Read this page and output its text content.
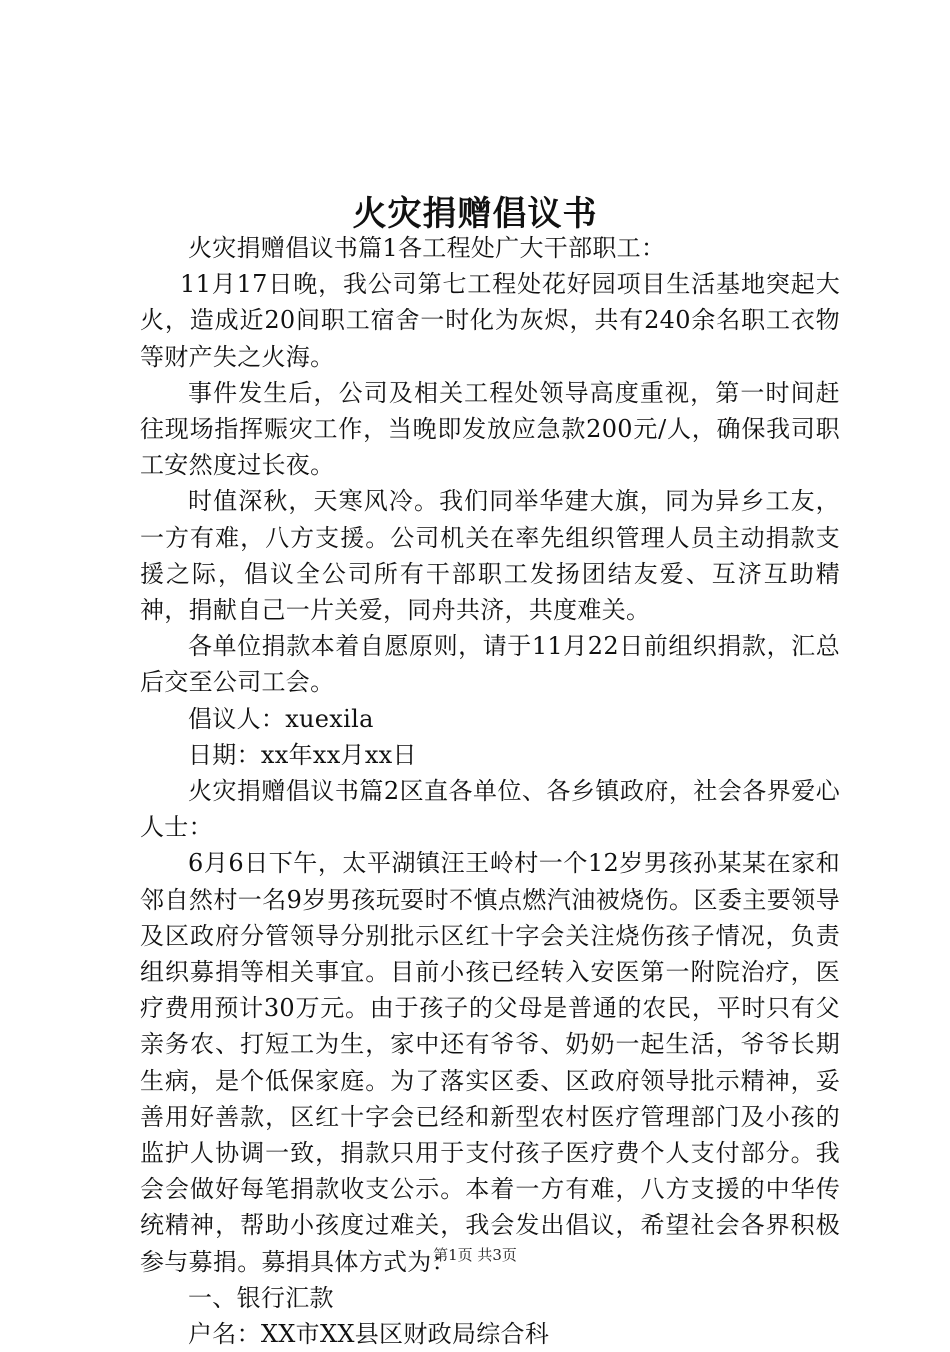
火灾捐赠倡议书

火灾捐赠倡议书篇1各工程处广大干部职工：

11月17日晚，我公司第七工程处花好园项目生活基地突起大火，造成近20间职工宿舍一时化为灰烬，共有240余名职工衣物等财产失之火海。

事件发生后，公司及相关工程处领导高度重视，第一时间赶往现场指挥赈灾工作，当晚即发放应急款200元/人，确保我司职工安然度过长夜。

时值深秋，天寒风冷。我们同举华建大旗，同为异乡工友，一方有难，八方支援。公司机关在率先组织管理人员主动捐款支援之际，倡议全公司所有干部职工发扬团结友爱、互济互助精神，捐献自己一片关爱，同舟共济，共度难关。

各单位捐款本着自愿原则，请于11月22日前组织捐款，汇总后交至公司工会。

倡议人：xuexila

日期：xx年xx月xx日

火灾捐赠倡议书篇2区直各单位、各乡镇政府，社会各界爱心人士：

6月6日下午，太平湖镇汪王岭村一个12岁男孩孙某某在家和邻自然村一名9岁男孩玩耍时不慎点燃汽油被烧伤。区委主要领导及区政府分管领导分别批示区红十字会关注烧伤孩子情况，负责组织募捐等相关事宜。目前小孩已经转入安医第一附院治疗，医疗费用预计30万元。由于孩子的父母是普通的农民，平时只有父亲务农、打短工为生，家中还有爷爷、奶奶一起生活，爷爷长期生病，是个低保家庭。为了落实区委、区政府领导批示精神，妥善用好善款，区红十字会已经和新型农村医疗管理部门及小孩的监护人协调一致，捐款只用于支付孩子医疗费个人支付部分。我会会做好每笔捐款收支公示。本着一方有难，八方支援的中华传统精神，帮助小孩度过难关，我会发出倡议，希望社会各界积极参与募捐。募捐具体方式为：

一、银行汇款

户名：XX市XX县区财政局综合科

第1页 共3页
